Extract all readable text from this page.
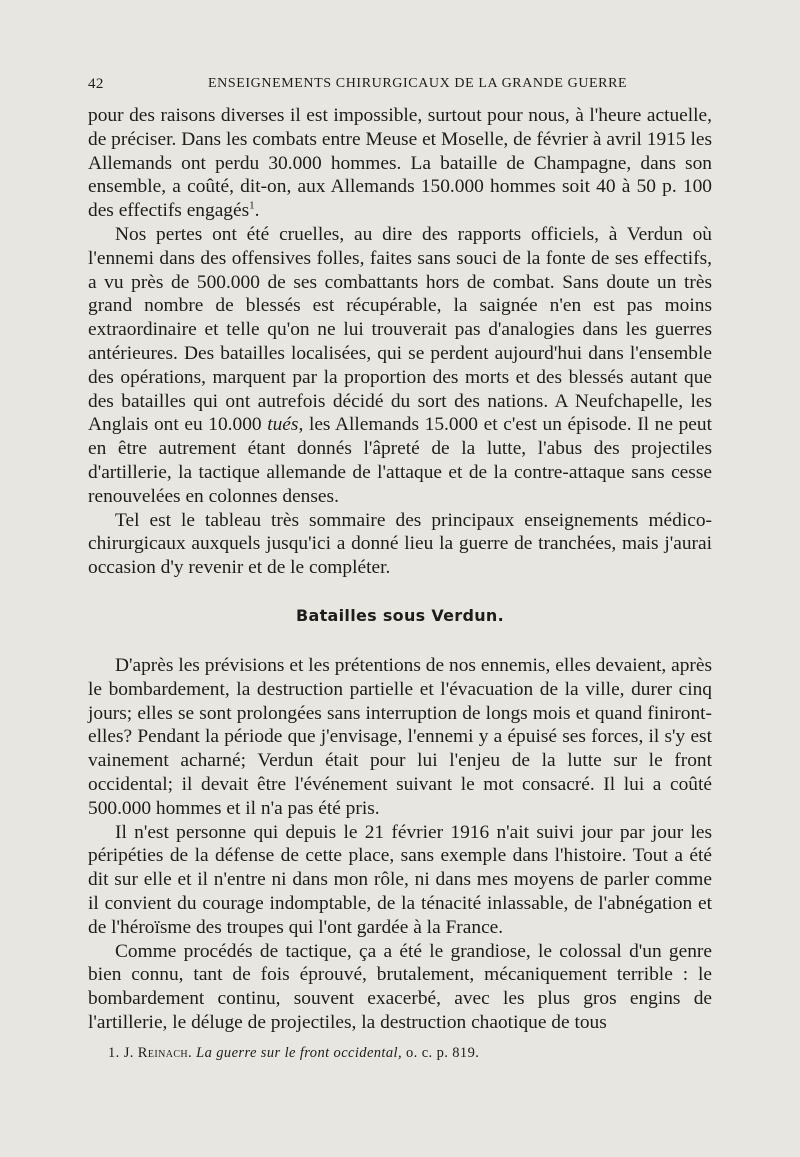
42	ENSEIGNEMENTS CHIRURGICAUX DE LA GRANDE GUERRE

pour des raisons diverses il est impossible, surtout pour nous, à l'heure actuelle, de préciser. Dans les combats entre Meuse et Moselle, de février à avril 1915 les Allemands ont perdu 30.000 hommes. La bataille de Champagne, dans son ensemble, a coûté, dit-on, aux Allemands 150.000 hommes soit 40 à 50 p. 100 des effectifs engagés$^1$.

Nos pertes ont été cruelles, au dire des rapports officiels, à Verdun où l'ennemi dans des offensives folles, faites sans souci de la fonte de ses effectifs, a vu près de 500.000 de ses combattants hors de combat. Sans doute un très grand nombre de blessés est récupérable, la saignée n'en est pas moins extraordinaire et telle qu'on ne lui trouverait pas d'analogies dans les guerres antérieures. Des batailles localisées, qui se perdent aujourd'hui dans l'ensemble des opérations, marquent par la proportion des morts et des blessés autant que des batailles qui ont autrefois décidé du sort des nations. A Neufchapelle, les Anglais ont eu 10.000 tués, les Allemands 15.000 et c'est un épisode. Il ne peut en être autrement étant donnés l'âpreté de la lutte, l'abus des projectiles d'artillerie, la tactique allemande de l'attaque et de la contre-attaque sans cesse renouvelées en colonnes denses.

Tel est le tableau très sommaire des principaux enseignements médico-chirurgicaux auxquels jusqu'ici a donné lieu la guerre de tranchées, mais j'aurai occasion d'y revenir et de le compléter.

Batailles sous Verdun.

D'après les prévisions et les prétentions de nos ennemis, elles devaient, après le bombardement, la destruction partielle et l'évacuation de la ville, durer cinq jours; elles se sont prolongées sans interruption de longs mois et quand finiront-elles? Pendant la période que j'envisage, l'ennemi y a épuisé ses forces, il s'y est vainement acharné; Verdun était pour lui l'enjeu de la lutte sur le front occidental; il devait être l'événement suivant le mot consacré. Il lui a coûté 500.000 hommes et il n'a pas été pris.

Il n'est personne qui depuis le 21 février 1916 n'ait suivi jour par jour les péripéties de la défense de cette place, sans exemple dans l'histoire. Tout a été dit sur elle et il n'entre ni dans mon rôle, ni dans mes moyens de parler comme il convient du courage indomptable, de la ténacité inlassable, de l'abnégation et de l'héroïsme des troupes qui l'ont gardée à la France.

Comme procédés de tactique, ça a été le grandiose, le colossal d'un genre bien connu, tant de fois éprouvé, brutalement, mécaniquement terrible : le bombardement continu, souvent exacerbé, avec les plus gros engins de l'artillerie, le déluge de projectiles, la destruction chaotique de tous

1. J. Reinach. La guerre sur le front occidental, o. c. p. 819.
